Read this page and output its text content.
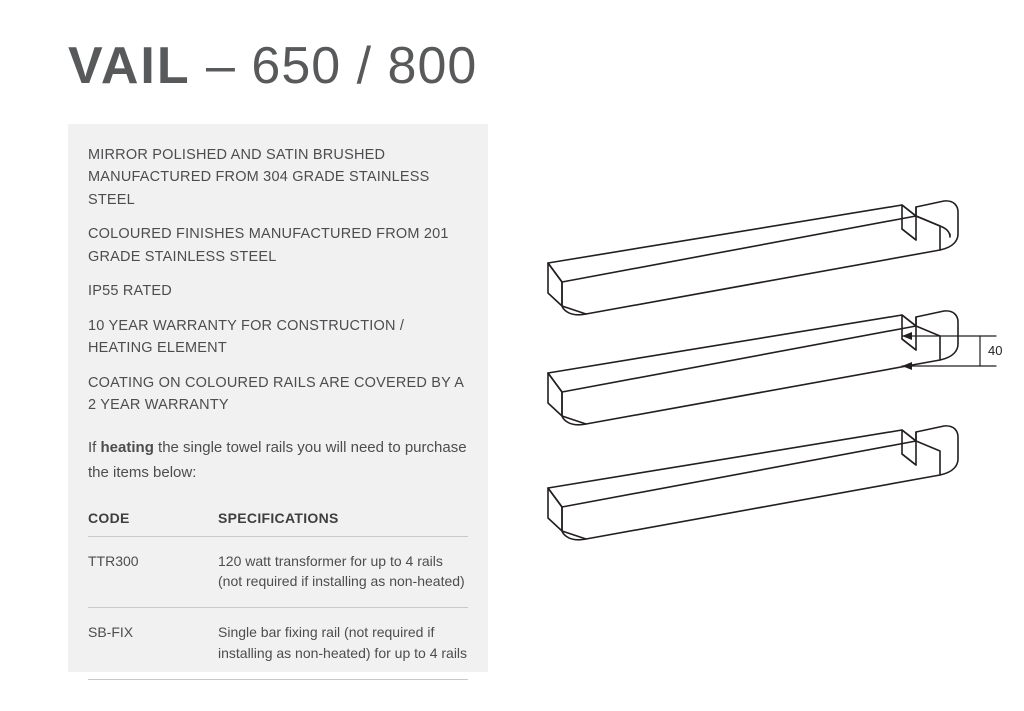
VAIL – 650 / 800
MIRROR POLISHED AND SATIN BRUSHED MANUFACTURED FROM 304 GRADE STAINLESS STEEL
COLOURED FINISHES MANUFACTURED FROM 201 GRADE STAINLESS STEEL
IP55 RATED
10 YEAR WARRANTY FOR CONSTRUCTION / HEATING ELEMENT
COATING ON COLOURED RAILS ARE COVERED BY A 2 YEAR WARRANTY
If heating the single towel rails you will need to purchase the items below:
CODE	SPECIFICATIONS
TTR300	120 watt transformer for up to 4 rails (not required if installing as non-heated)
SB-FIX	Single bar fixing rail (not required if installing as non-heated) for up to 4 rails
40
